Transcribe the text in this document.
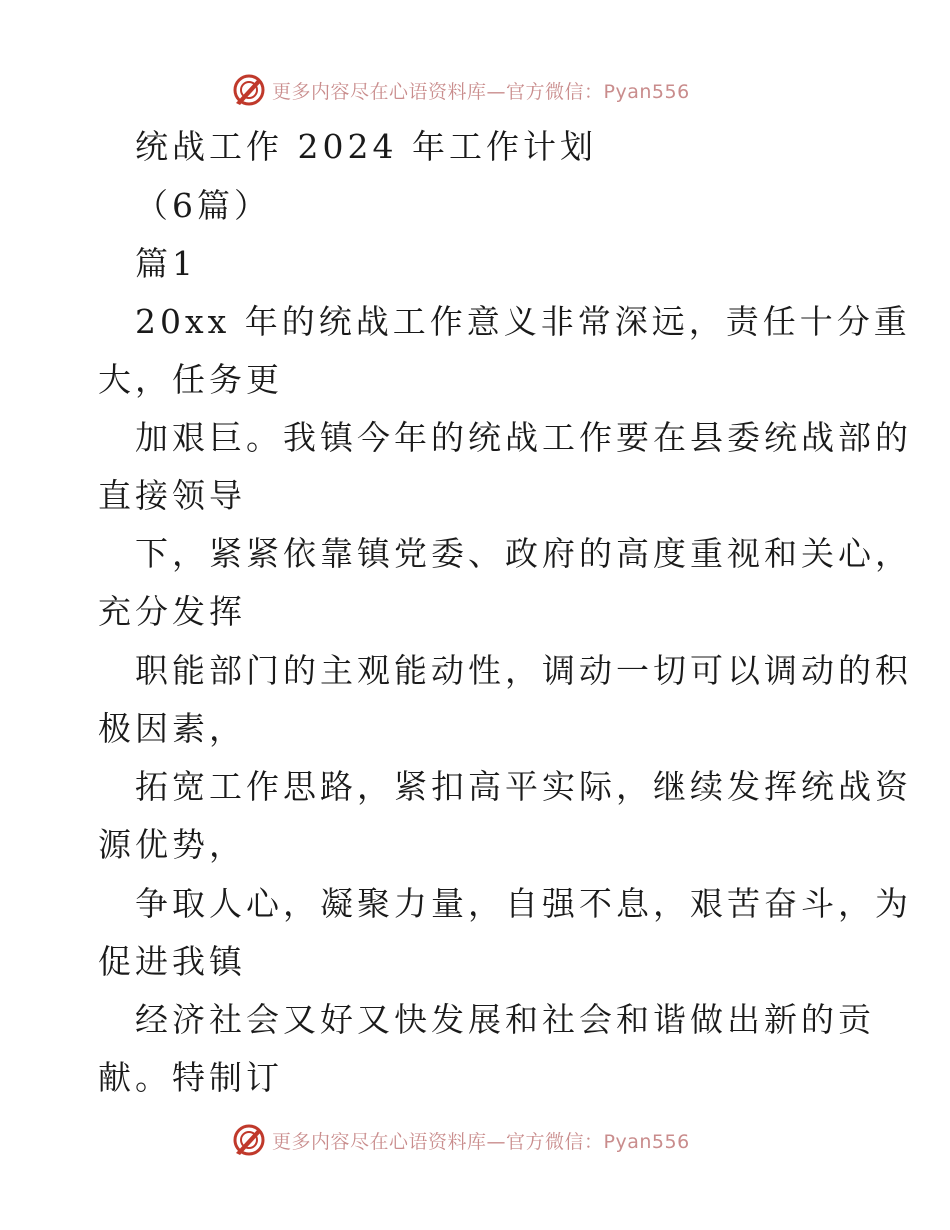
更多内容尽在心语资料库—官方微信：Pyan556
统战工作 2024 年工作计划
（6篇）
篇1
20xx 年的统战工作意义非常深远，责任十分重
大，任务更
加艰巨。我镇今年的统战工作要在县委统战部的
直接领导
下，紧紧依靠镇党委、政府的高度重视和关心，
充分发挥
职能部门的主观能动性，调动一切可以调动的积
极因素，
拓宽工作思路，紧扣高平实际，继续发挥统战资
源优势，
争取人心，凝聚力量，自强不息，艰苦奋斗，为
促进我镇
经济社会又好又快发展和社会和谐做出新的贡
献。特制订
更多内容尽在心语资料库—官方微信：Pyan556
